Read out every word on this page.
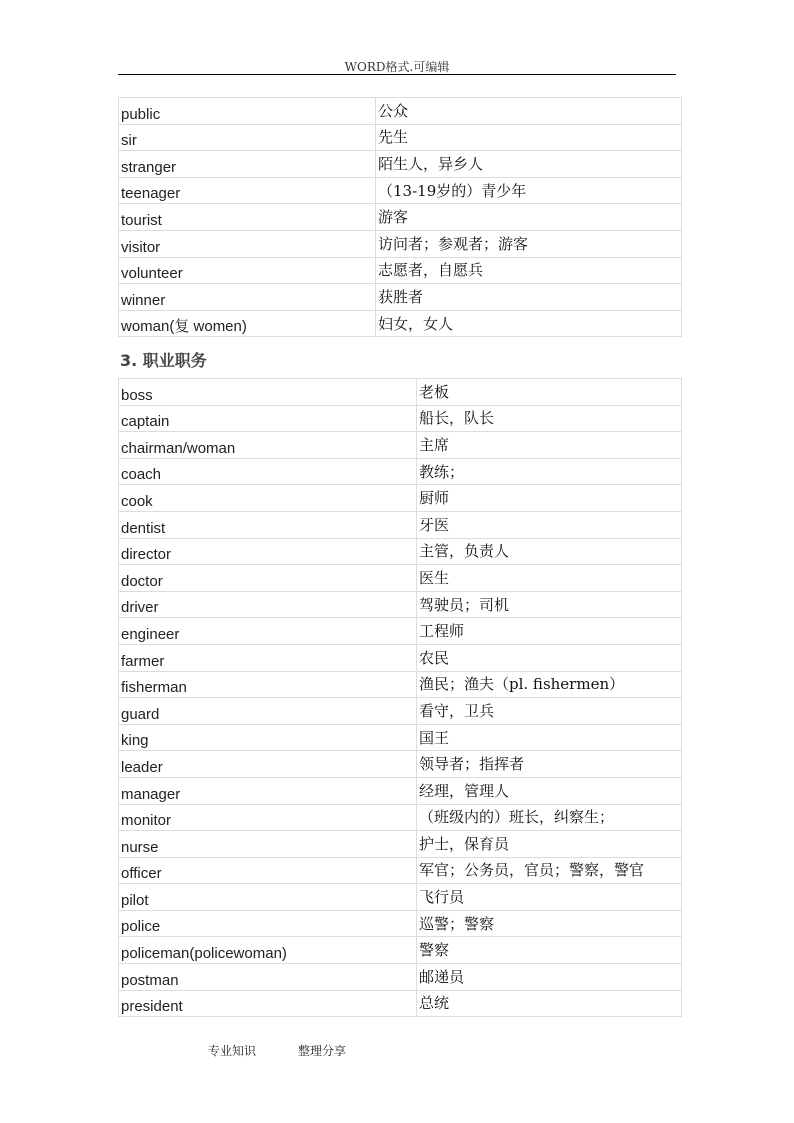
WORD格式.可编辑
public	公众
sir	先生
stranger	陌生人，异乡人
teenager	（13-19岁的）青少年
tourist	游客
visitor	访问者；参观者；游客
volunteer	志愿者，自愿兵
winner	获胜者
woman(复 women)	妇女，女人
3. 职业职务
boss	老板
captain	船长，队长
chairman/woman	主席
coach	教练；
cook	厨师
dentist	牙医
director	主管，负责人
doctor	医生
driver	驾驶员；司机
engineer	工程师
farmer	农民
fisherman	渔民；渔夫（pl. fishermen）
guard	看守，卫兵
king	国王
leader	领导者；指挥者
manager	经理，管理人
monitor	（班级内的）班长，纠察生；
nurse	护士，保育员
officer	军官；公务员，官员；警察，警官
pilot	飞行员
police	巡警；警察
policeman(policewoman)	警察
postman	邮递员
president	总统
专业知识	整理分享
